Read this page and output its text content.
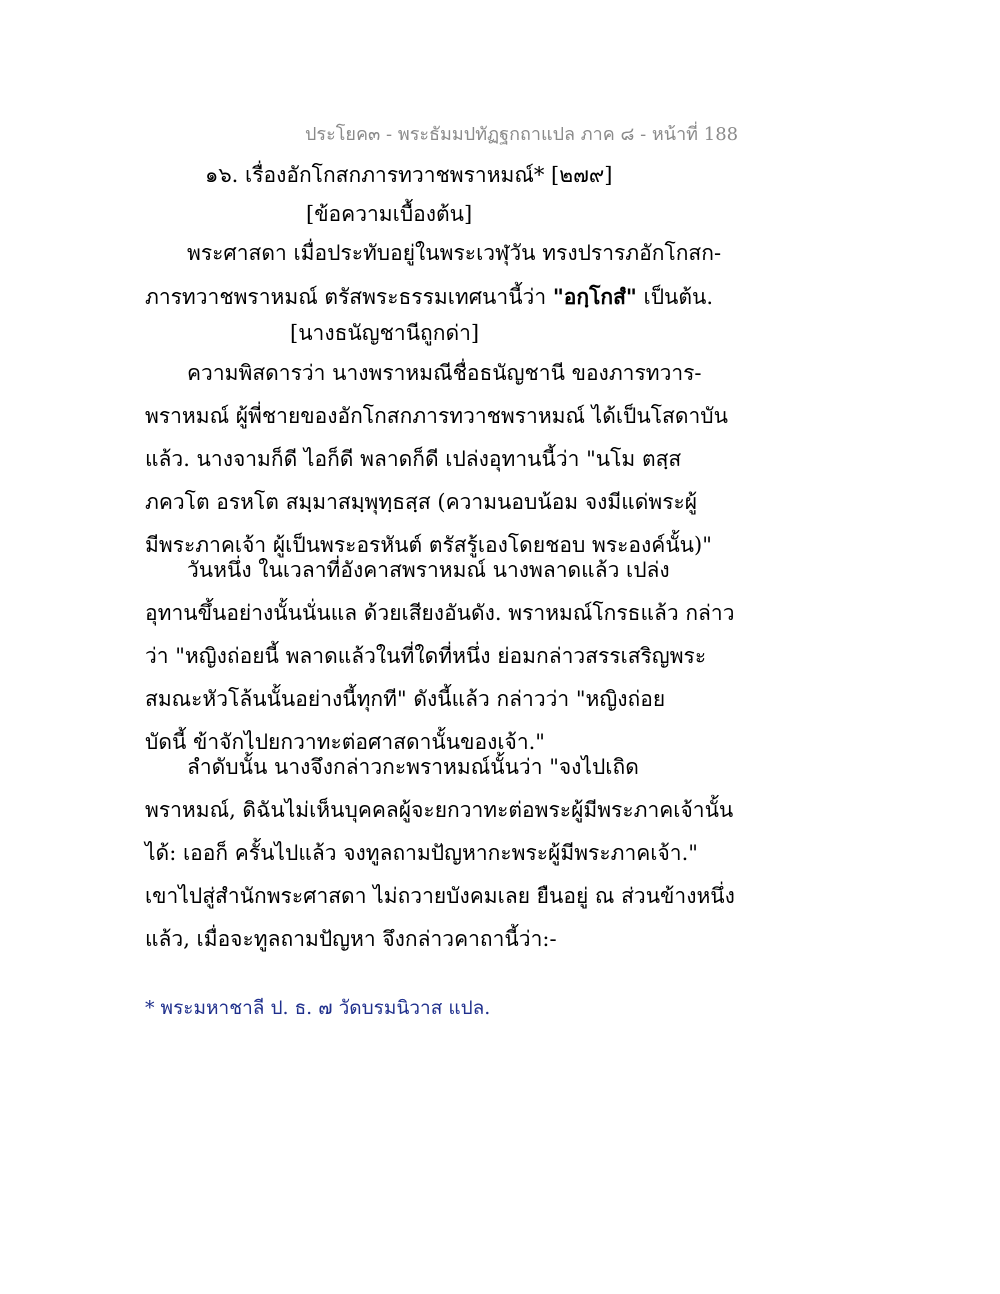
ประโยค๓ - พระธัมมปทัฏฐกถาแปล ภาค ๘ - หน้าที่ 188
๑๖. เรื่องอักโกสกภารทวาชพราหมณ์* [๒๗๙]
[ข้อความเบื้องต้น]
พระศาสดา เมื่อประทับอยู่ในพระเวฬุวัน ทรงปรารภอักโกสก-
ภารทวาชพราหมณ์ ตรัสพระธรรมเทศนานี้ว่า "อกฺโกสํ" เป็นต้น.
[นางธนัญชานีถูกด่า]
ความพิสดารว่า นางพราหมณีชื่อธนัญชานี ของภารทวาร-
พราหมณ์ ผู้พี่ชายของอักโกสกภารทวาชพราหมณ์ ได้เป็นโสดาบัน
แล้ว. นางจามก็ดี ไอก็ดี พลาดก็ดี เปล่งอุทานนี้ว่า "นโม ตสฺส
ภควโต อรหโต สมฺมาสมฺพุทฺธสฺส (ความนอบน้อม จงมีแด่พระผู้
มีพระภาคเจ้า ผู้เป็นพระอรหันต์ ตรัสรู้เองโดยชอบ พระองค์นั้น)"
วันหนึ่ง ในเวลาที่อังคาสพราหมณ์ นางพลาดแล้ว เปล่ง
อุทานขึ้นอย่างนั้นนั่นแล ด้วยเสียงอันดัง. พราหมณ์โกรธแล้ว กล่าว
ว่า "หญิงถ่อยนี้ พลาดแล้วในที่ใดที่หนึ่ง ย่อมกล่าวสรรเสริญพระ
สมณะหัวโล้นนั้นอย่างนี้ทุกที" ดังนี้แล้ว กล่าวว่า "หญิงถ่อย
บัดนี้ ข้าจักไปยกวาทะต่อศาสดานั้นของเจ้า."
ลำดับนั้น นางจึงกล่าวกะพราหมณ์นั้นว่า "จงไปเถิด
พราหมณ์, ดิฉันไม่เห็นบุคคลผู้จะยกวาทะต่อพระผู้มีพระภาคเจ้านั้น
ได้: เออก็ ครั้นไปแล้ว จงทูลถามปัญหากะพระผู้มีพระภาคเจ้า."
เขาไปสู่สำนักพระศาสดา ไม่ถวายบังคมเลย ยืนอยู่ ณ ส่วนข้างหนึ่ง
แล้ว, เมื่อจะทูลถามปัญหา จึงกล่าวคาถานี้ว่า:-
* พระมหาชาลี ป. ธ. ๗ วัดบรมนิวาส แปล.
